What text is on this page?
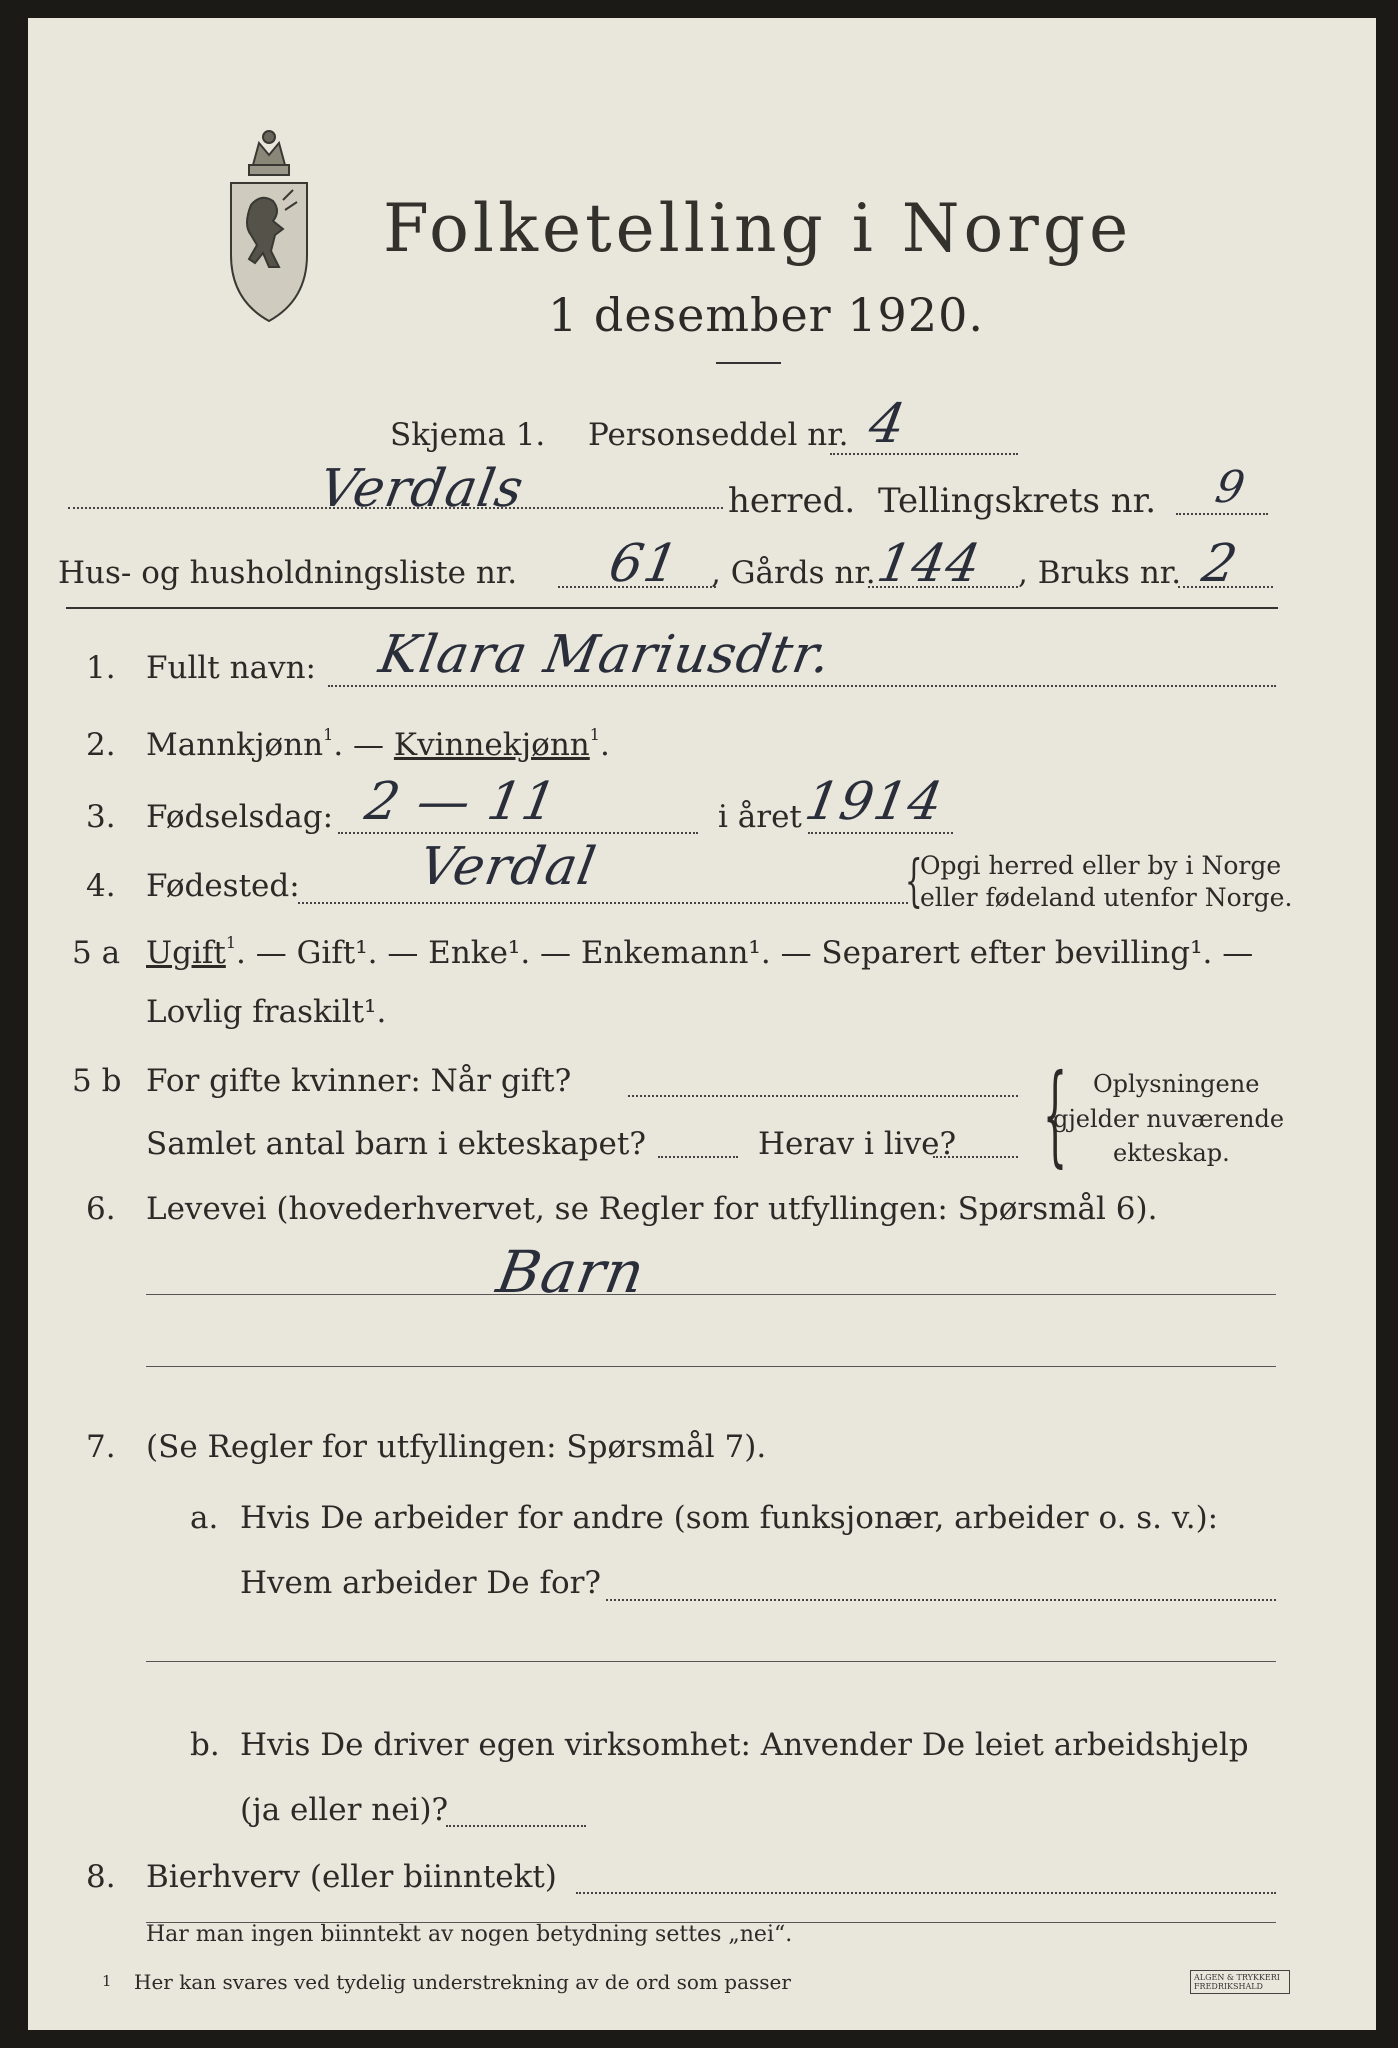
Folketelling i Norge
1 desember 1920.
Skjema 1. Personseddel nr. 4
Verdals	herred. Tellingskrets nr. 9
Hus- og husholdningsliste nr. 61 , Gårds nr.
144 , Bruks nr. 2
1. Fullt navn: Klara Mariusdtr.
2. Mannkjønn$^1$. — Kvinnekjønn$^1$.
3. Fødselsdag: 2 — 11	i året
1914
4. Fødested: Verdal	{
Opgi herred eller by i Norge
eller fødeland utenfor Norge.
5 a Ugift$^1$. — Gift¹. — Enke¹. — Enkemann¹. — Separert efter bevilling¹. —
Lovlig fraskilt¹.
5 b For gifte kvinner: Når gift?
Samlet antal barn i ekteskapet?	Herav i live? { Oplysningene
gjelder nuværende
ekteskap.
6. Levevei (hovederhvervet, se Regler for utfyllingen: Spørsmål 6).
Barn
7. (Se Regler for utfyllingen: Spørsmål 7).
a. Hvis De arbeider for andre (som funksjonær, arbeider o. s. v.):
Hvem arbeider De for?
b. Hvis De driver egen virksomhet: Anvender De leiet arbeidshjelp
(ja eller nei)?
8. Bierhverv (eller biinntekt)
Har man ingen biinntekt av nogen betydning settes „nei“.
1 Her kan svares ved tydelig understrekning av de ord som passer	ALGEN & TRYKKERI FREDRIKSHALD
